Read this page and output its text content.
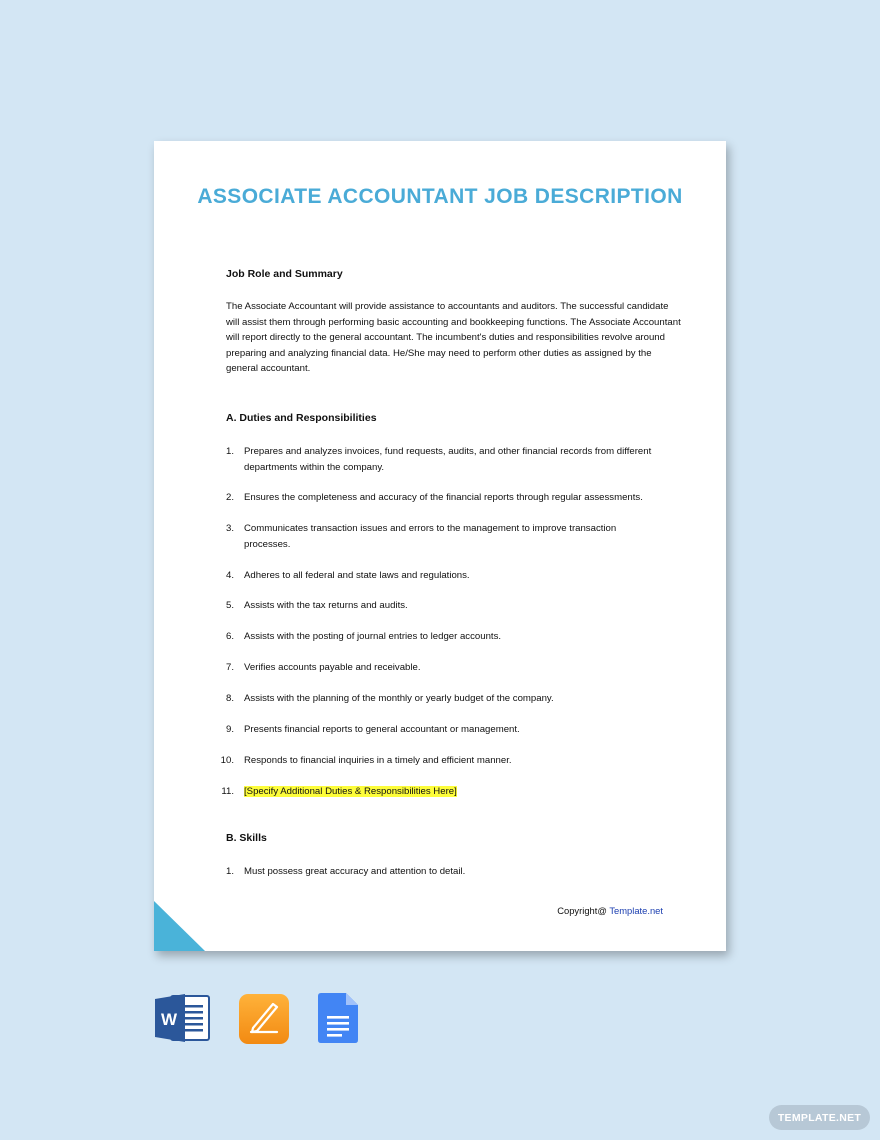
ASSOCIATE ACCOUNTANT JOB DESCRIPTION
Job Role and Summary
The Associate Accountant will provide assistance to accountants and auditors. The successful candidate will assist them through performing basic accounting and bookkeeping functions. The Associate Accountant will report directly to the general accountant. The incumbent's duties and responsibilities revolve around preparing and analyzing financial data. He/She may need to perform other duties as assigned by the general accountant.
A. Duties and Responsibilities
1. Prepares and analyzes invoices, fund requests, audits, and other financial records from different departments within the company.
2. Ensures the completeness and accuracy of the financial reports through regular assessments.
3. Communicates transaction issues and errors to the management to improve transaction processes.
4. Adheres to all federal and state laws and regulations.
5. Assists with the tax returns and audits.
6. Assists with the posting of journal entries to ledger accounts.
7. Verifies accounts payable and receivable.
8. Assists with the planning of the monthly or yearly budget of the company.
9. Presents financial reports to general accountant or management.
10. Responds to financial inquiries in a timely and efficient manner.
11. [Specify Additional Duties & Responsibilities Here]
B. Skills
1. Must possess great accuracy and attention to detail.
Copyright@ Template.net
W
TEMPLATE.NET
